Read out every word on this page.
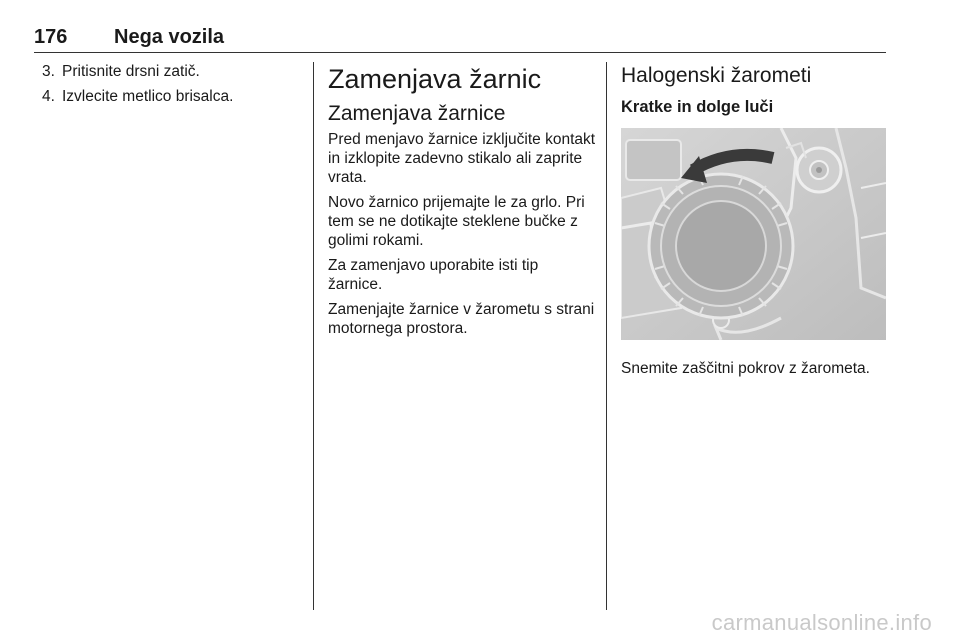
176 Nega vozila
3. Pritisnite drsni zatič.
4. Izvlecite metlico brisalca.
Zamenjava žarnic
Zamenjava žarnice

Pred menjavo žarnice izključite kontakt in izklopite zadevno stikalo ali zaprite vrata.

Novo žarnico prijemajte le za grlo. Pri tem se ne dotikajte steklene bučke z golimi rokami.

Za zamenjavo uporabite isti tip žarnice.

Zamenjajte žarnice v žarometu s strani motornega prostora.

Halogenski žarometi
Kratke in dolge luči

Snemite zaščitni pokrov z žarometa.

carmanualsonline.info
